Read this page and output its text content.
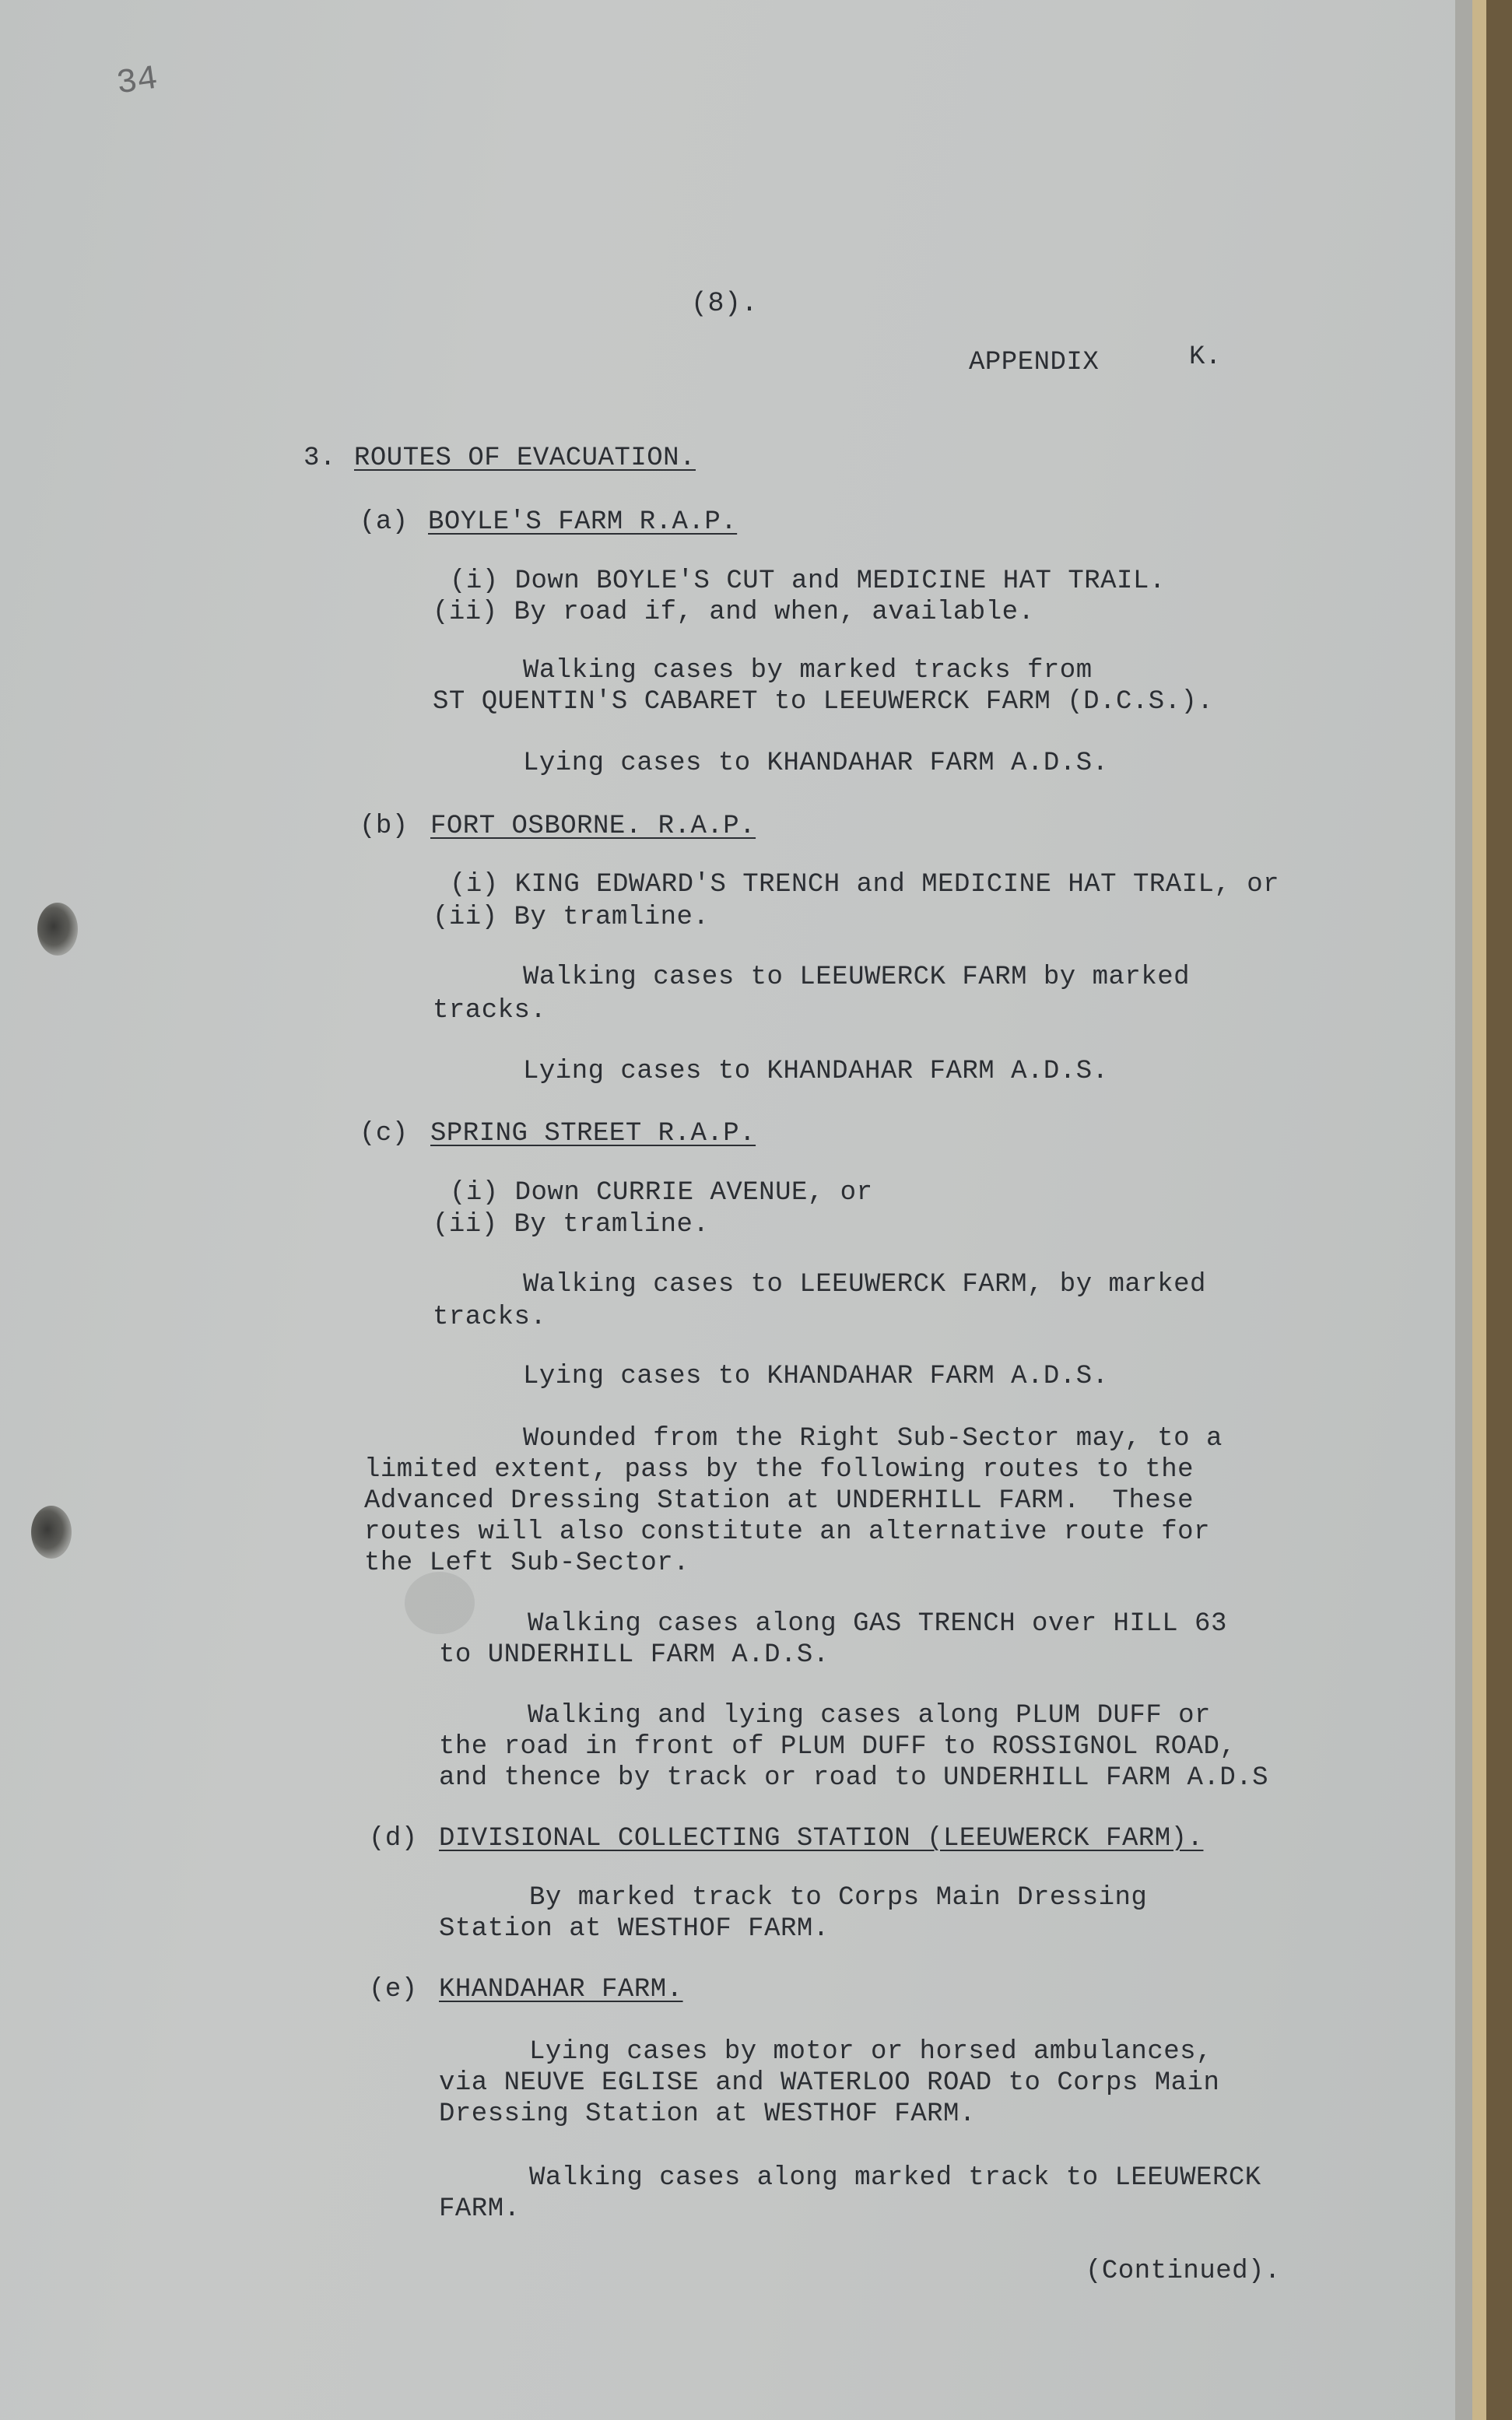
34
(8).
APPENDIX	K.
3. ROUTES OF EVACUATION.
(a) BOYLE'S FARM R.A.P.
(i) Down BOYLE'S CUT and MEDICINE HAT TRAIL.
(ii) By road if, and when, available.
Walking cases by marked tracks from
ST QUENTIN'S CABARET to LEEUWERCK FARM (D.C.S.).
Lying cases to KHANDAHAR FARM A.D.S.
(b) FORT OSBORNE. R.A.P.
(i) KING EDWARD'S TRENCH and MEDICINE HAT TRAIL, or
(ii) By tramline.
Walking cases to LEEUWERCK FARM by marked
tracks.
Lying cases to KHANDAHAR FARM A.D.S.
(c) SPRING STREET R.A.P.
(i) Down CURRIE AVENUE, or
(ii) By tramline.
Walking cases to LEEUWERCK FARM, by marked
tracks.
Lying cases to KHANDAHAR FARM A.D.S.
Wounded from the Right Sub-Sector may, to a
limited extent, pass by the following routes to the
Advanced Dressing Station at UNDERHILL FARM.  These
routes will also constitute an alternative route for
the Left Sub-Sector.
Walking cases along GAS TRENCH over HILL 63
to UNDERHILL FARM A.D.S.
Walking and lying cases along PLUM DUFF or
the road in front of PLUM DUFF to ROSSIGNOL ROAD,
and thence by track or road to UNDERHILL FARM A.D.S
(d) DIVISIONAL COLLECTING STATION (LEEUWERCK FARM).
By marked track to Corps Main Dressing
Station at WESTHOF FARM.
(e) KHANDAHAR FARM.
Lying cases by motor or horsed ambulances,
via NEUVE EGLISE and WATERLOO ROAD to Corps Main
Dressing Station at WESTHOF FARM.
Walking cases along marked track to LEEUWERCK
FARM.
(Continued).
